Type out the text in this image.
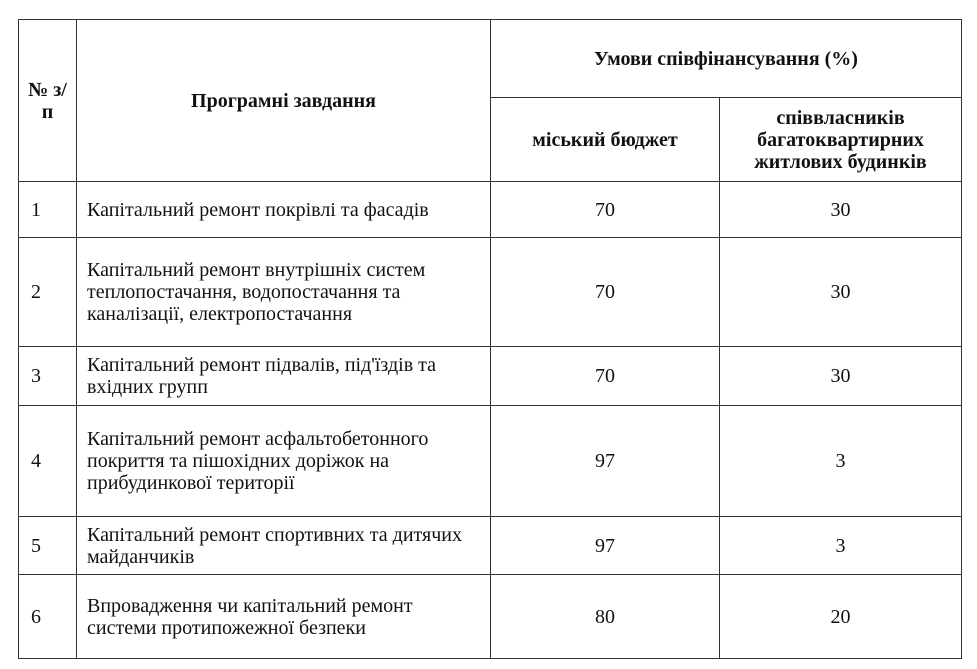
№ з/п	Програмні завдання	Умови співфінансування (%)	
		міський бюджет	співвласників багатоквартирних житлових будинків
1	Капітальний ремонт покрівлі та фасадів	70	30
2	Капітальний ремонт внутрішніх систем теплопостачання, водопостачання та каналізації, електропостачання	70	30
3	Капітальний ремонт підвалів, під'їздів та вхідних групп	70	30
4	Капітальний ремонт асфальтобетонного покриття та пішохідних доріжок на прибудинкової території	97	3
5	Капітальний ремонт спортивних та дитячих майданчиків	97	3
6	Впровадження чи капітальний ремонт системи протипожежної безпеки	80	20
